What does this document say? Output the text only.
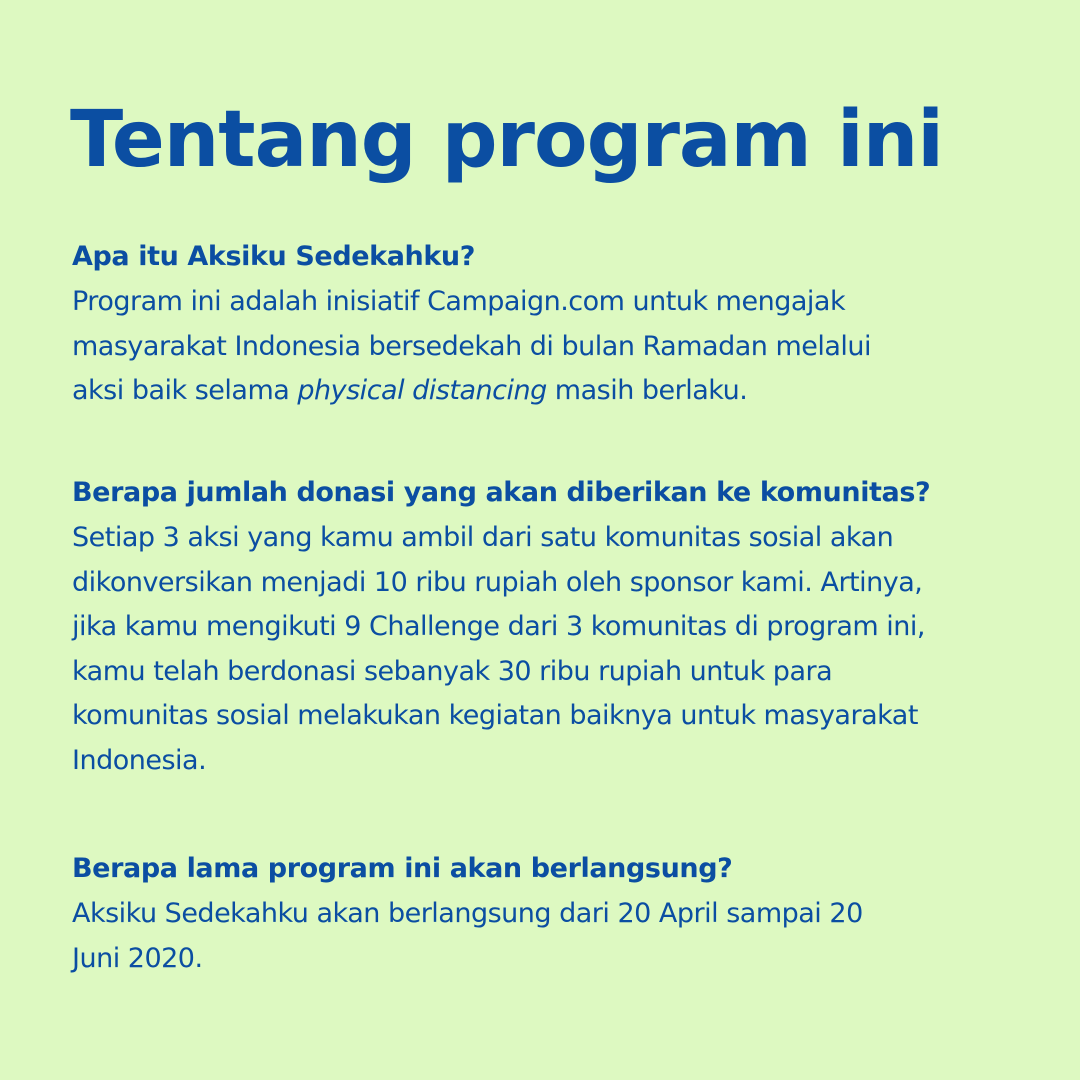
Tentang program ini

Apa itu Aksiku Sedekahku?

Program ini adalah inisiatif Campaign.com untuk mengajak
masyarakat Indonesia bersedekah di bulan Ramadan melalui
aksi baik selama physical distancing masih berlaku.

Berapa jumlah donasi yang akan diberikan ke komunitas?

Setiap 3 aksi yang kamu ambil dari satu komunitas sosial akan
dikonversikan menjadi 10 ribu rupiah oleh sponsor kami. Artinya,
jika kamu mengikuti 9 Challenge dari 3 komunitas di program ini,
kamu telah berdonasi sebanyak 30 ribu rupiah untuk para
komunitas sosial melakukan kegiatan baiknya untuk masyarakat
Indonesia.

Berapa lama program ini akan berlangsung?

Aksiku Sedekahku akan berlangsung dari 20 April sampai 20
Juni 2020.
